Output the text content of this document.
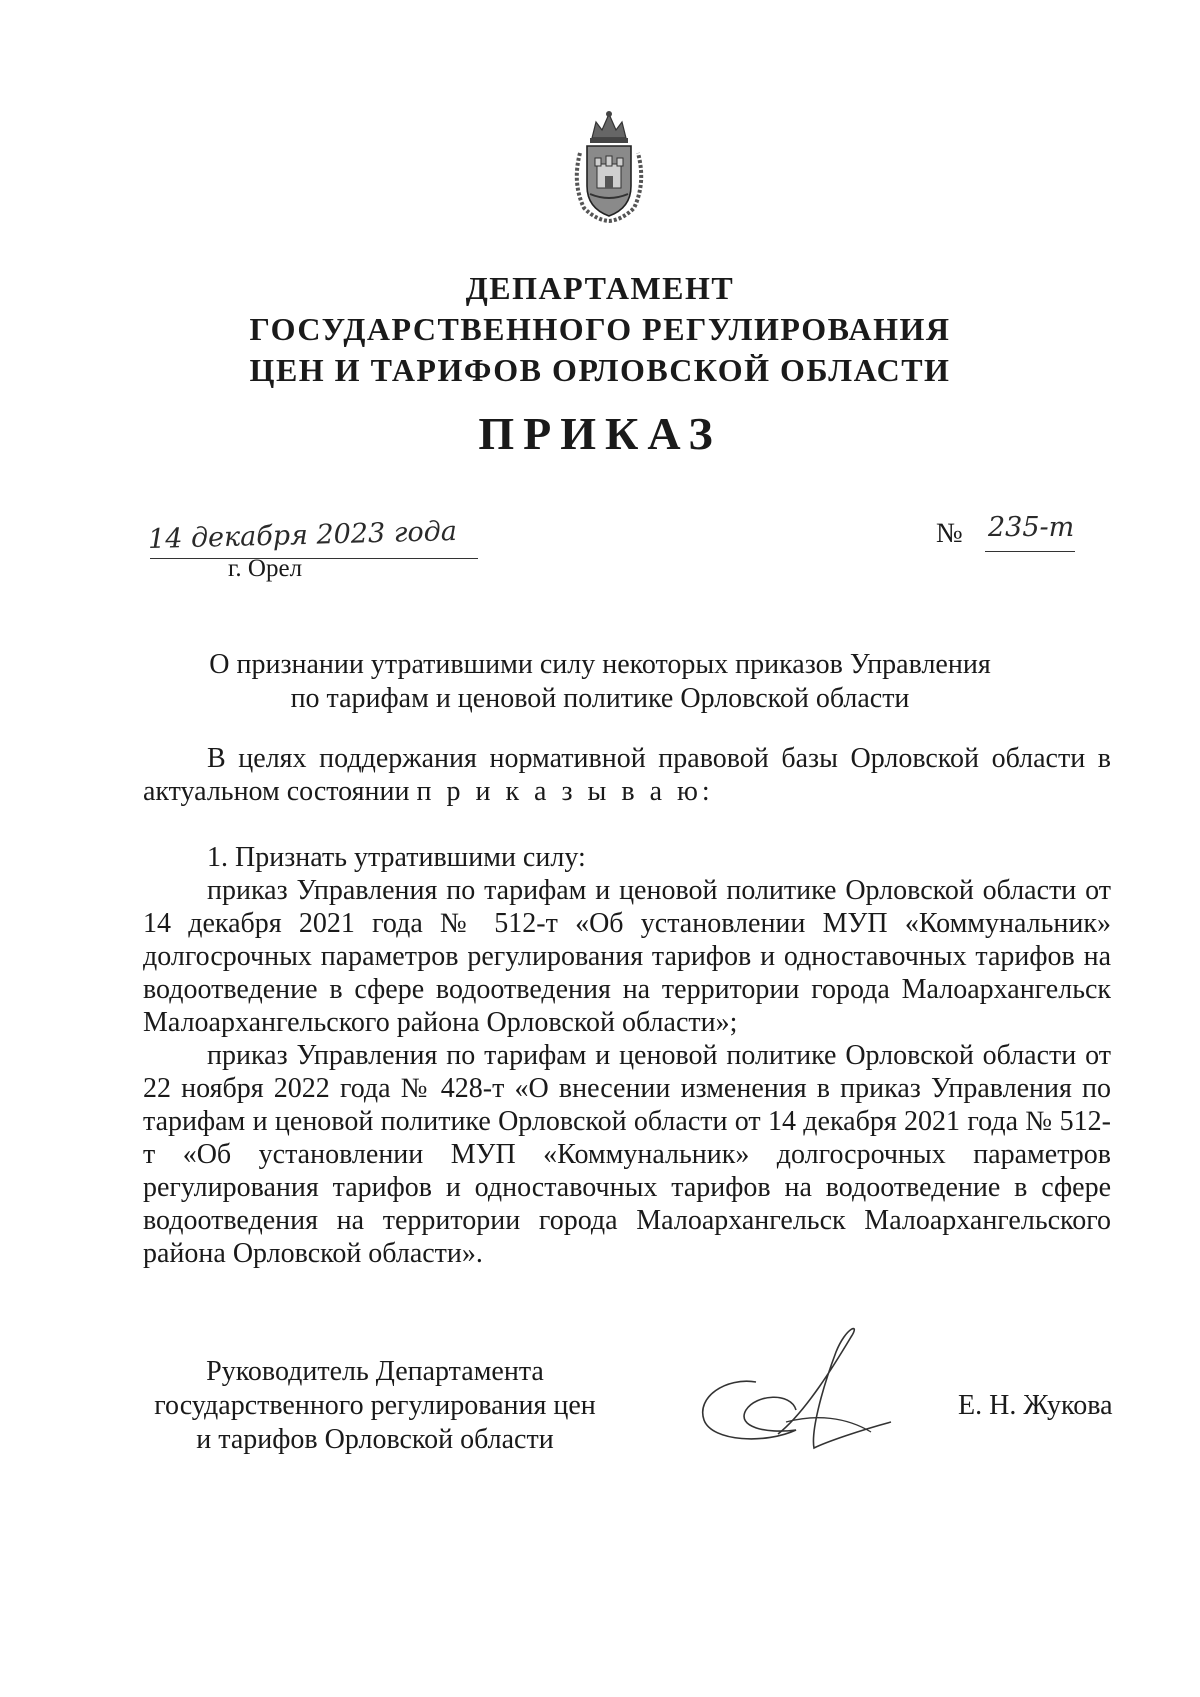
ДЕПАРТАМЕНТ
ГОСУДАРСТВЕННОГО РЕГУЛИРОВАНИЯ
ЦЕН И ТАРИФОВ ОРЛОВСКОЙ ОБЛАСТИ
ПРИКАЗ
14 декабря 2023 года
г. Орел
№ 235-т
О признании утратившими силу некоторых приказов Управления
по тарифам и ценовой политике Орловской области

В целях поддержания нормативной правовой базы Орловской области в актуальном состоянии п р и к а з ы в а ю:

1. Признать утратившими силу:

приказ Управления по тарифам и ценовой политике Орловской области от 14 декабря 2021 года № 512-т «Об установлении МУП «Коммунальник» долгосрочных параметров регулирования тарифов и одноставочных тарифов на водоотведение в сфере водоотведения на территории города Малоархангельск Малоархангельского района Орловской области»;

приказ Управления по тарифам и ценовой политике Орловской области от 22 ноября 2022 года № 428-т «О внесении изменения в приказ Управления по тарифам и ценовой политике Орловской области от 14 декабря 2021 года № 512-т «Об установлении МУП «Коммунальник» долгосрочных параметров регулирования тарифов и одноставочных тарифов на водоотведение в сфере водоотведения на территории города Малоархангельск Малоархангельского района Орловской области».

Руководитель Департамента
государственного регулирования цен
и тарифов Орловской области
Е. Н. Жукова
